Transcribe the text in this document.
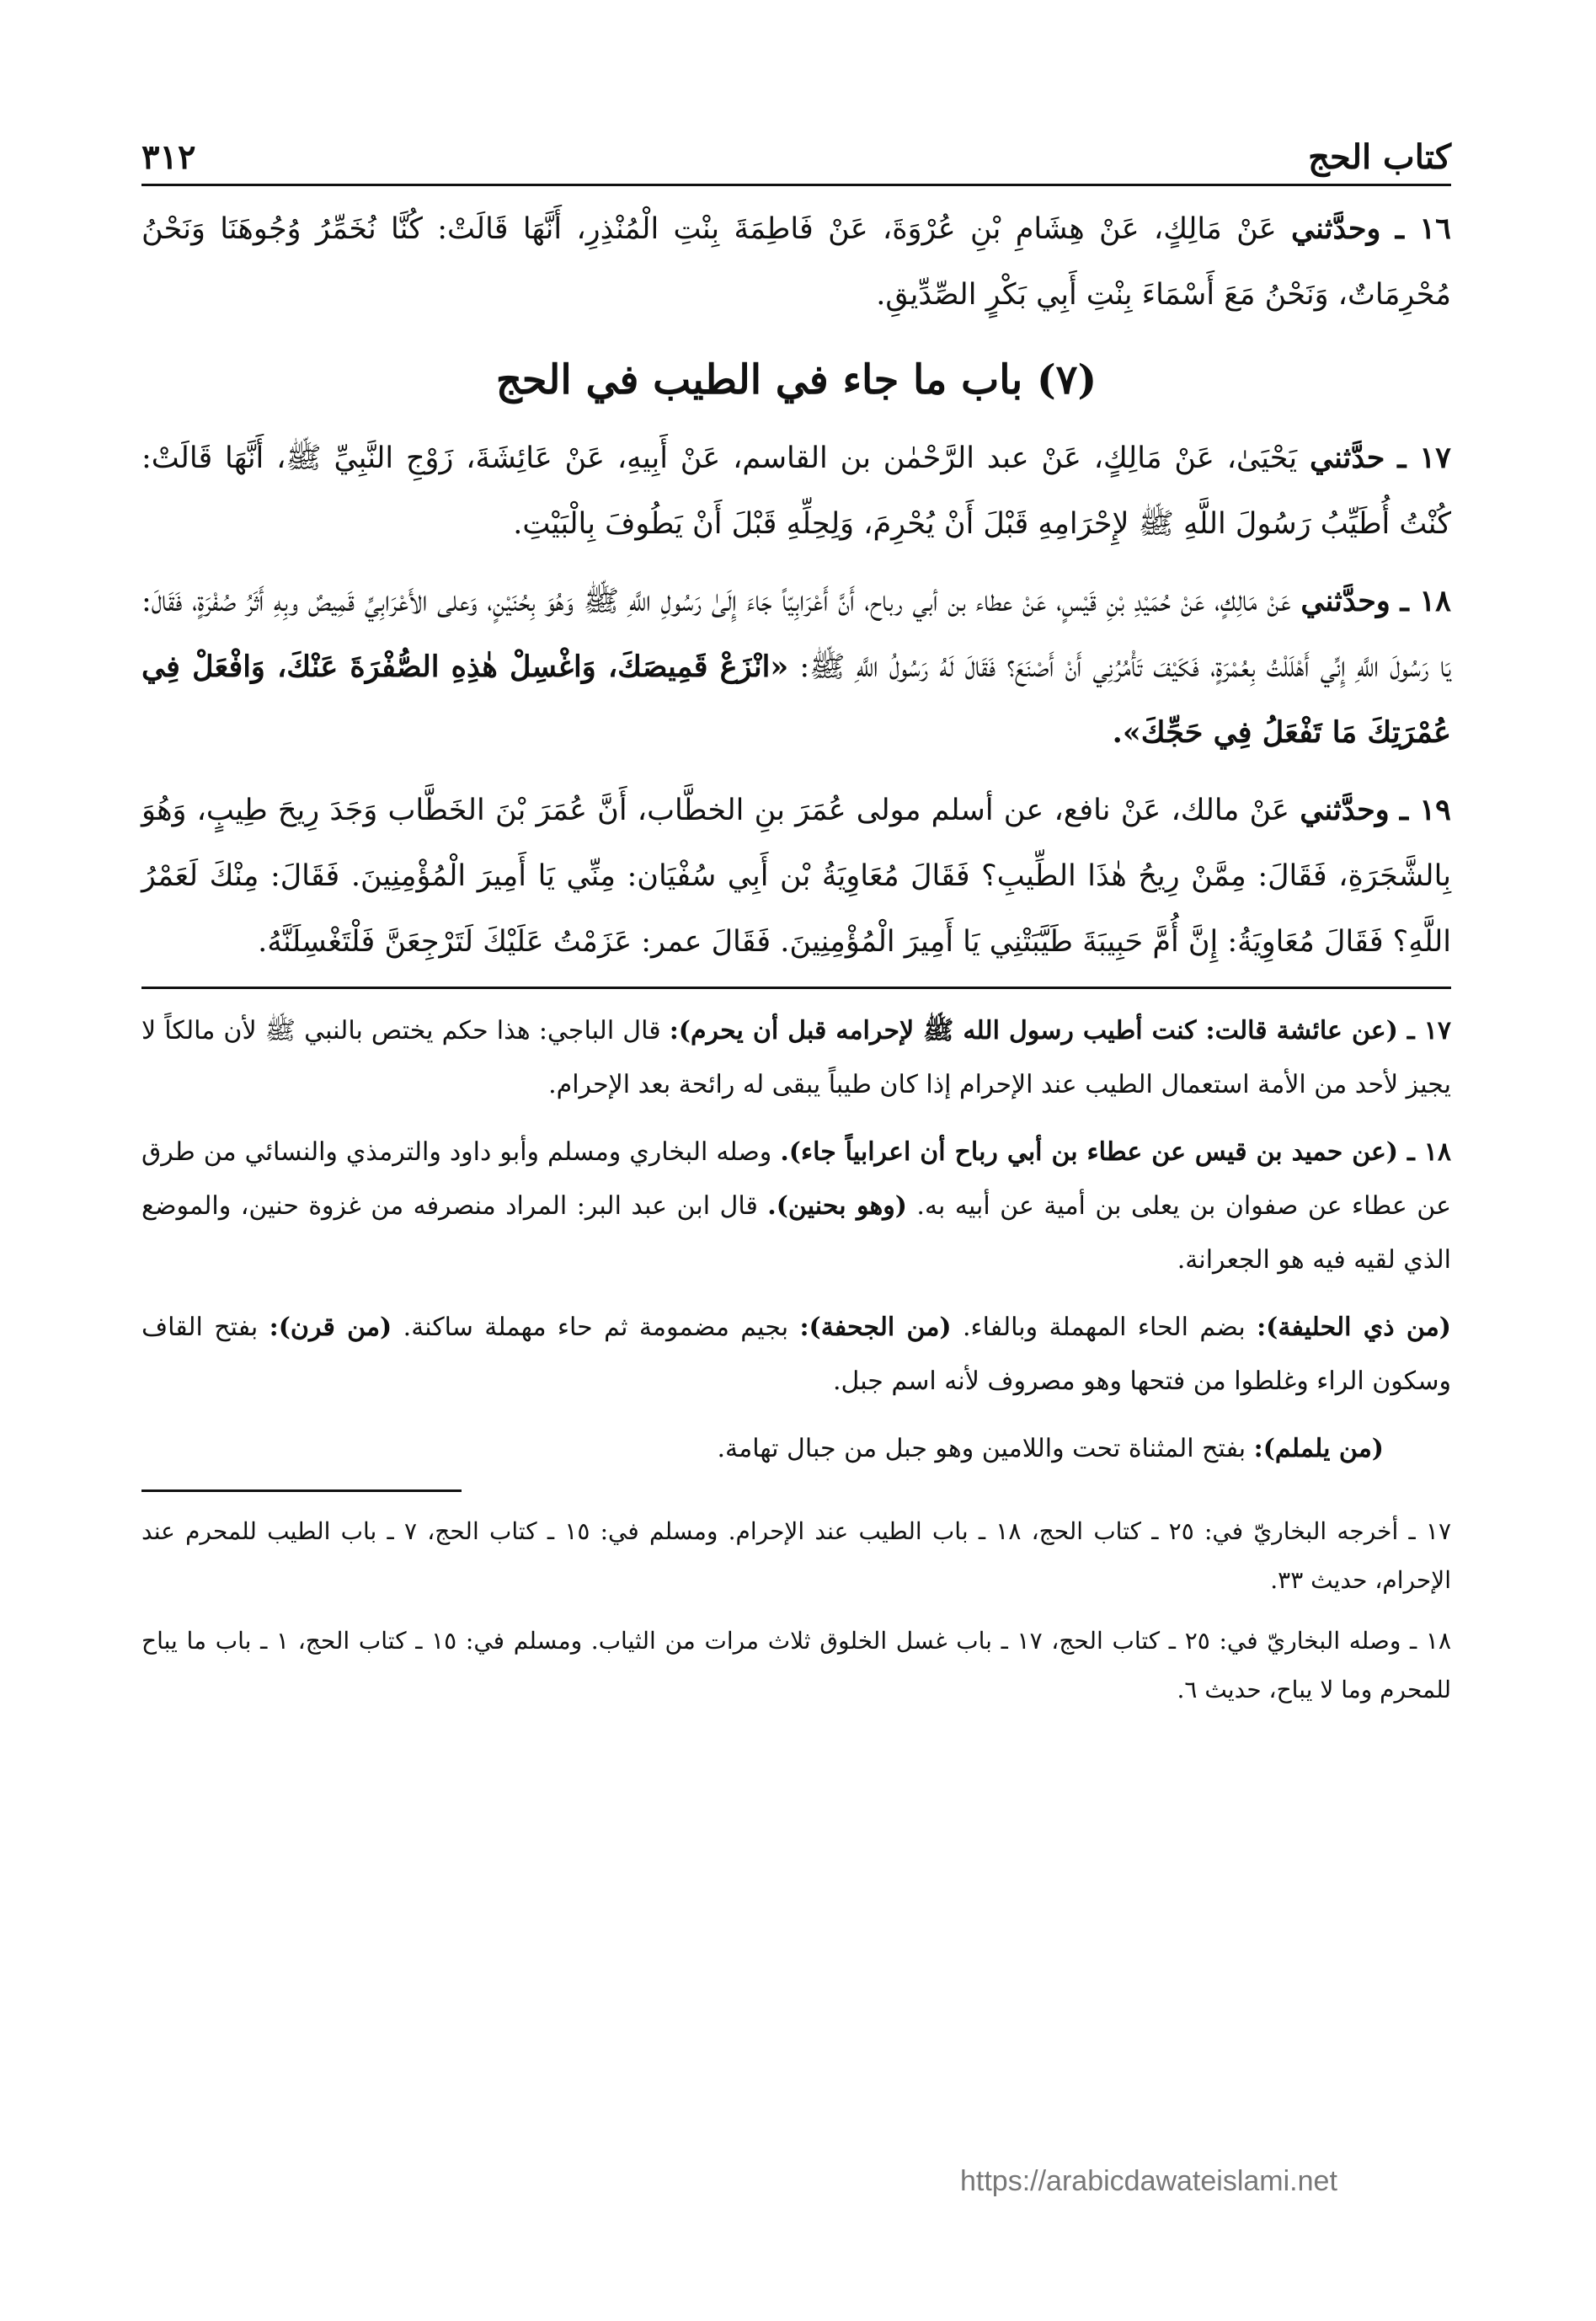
كتاب الحج
٣١٢

١٦ ـ وحدَّثني عَنْ مَالِكٍ، عَنْ هِشَامِ بْنِ عُرْوَةَ، عَنْ فَاطِمَةَ بِنْتِ الْمُنْذِرِ، أَنَّهَا قَالَتْ: كُنَّا نُخَمِّرُ وُجُوهَنَا وَنَحْنُ مُحْرِمَاتٌ، وَنَحْنُ مَعَ أَسْمَاءَ بِنْتِ أَبِي بَكْرٍ الصِّدِّيقِ.

(٧) باب ما جاء في الطيب في الحج

١٧ ـ حدَّثني يَحْيَىٰ، عَنْ مَالِكٍ، عَنْ عبد الرَّحْمٰن بن القاسم، عَنْ أَبِيهِ، عَنْ عَائِشَةَ، زَوْجِ النَّبِيِّ ﷺ، أَنَّهَا قَالَتْ: كُنْتُ أُطَيِّبُ رَسُولَ اللَّهِ ﷺ لإِحْرَامِهِ قَبْلَ أَنْ يُحْرِمَ، وَلِحِلِّهِ قَبْلَ أَنْ يَطُوفَ بِالْبَيْتِ.

١٨ ـ وحدَّثني عَنْ مَالِكٍ، عَنْ حُمَيْدِ بْنِ قَيْسٍ، عَنْ عطاء بن أبي رباح، أَنَّ أَعْرَابِيّاً جَاءَ إِلَىٰ رَسُولِ اللَّهِ ﷺ وَهُوَ بِحُنَيْنٍ، وَعلى الأَعْرَابِيِّ قَمِيصٌ وبِهِ أَثَرُ صُفْرَةٍ، فَقَالَ: يَا رَسُولَ اللَّهِ إِنِّي أَهْلَلْتُ بِعُمْرَةٍ، فَكَيْفَ تَأْمُرُنِي أَنْ أَصْنَعَ؟ فَقَالَ لَهُ رَسُولُ اللَّهِ ﷺ: «انْزَعْ قَمِيصَكَ، وَاغْسِلْ هٰذِهِ الصُّفْرَةَ عَنْكَ، وَافْعَلْ فِي عُمْرَتِكَ مَا تَفْعَلُ فِي حَجِّكَ».

١٩ ـ وحدَّثني عَنْ مالك، عَنْ نافع، عن أسلم مولى عُمَرَ بنِ الخطَّاب، أَنَّ عُمَرَ بْنَ الخَطَّاب وَجَدَ رِيحَ طِيبٍ، وَهُوَ بِالشَّجَرَةِ، فَقَالَ: مِمَّنْ رِيحُ هٰذَا الطِّيبِ؟ فَقَالَ مُعَاوِيَةُ بْن أَبِي سُفْيَان: مِنِّي يَا أَمِيرَ الْمُؤْمِنِينَ. فَقَالَ: مِنْكَ لَعَمْرُ اللَّهِ؟ فَقَالَ مُعَاوِيَةُ: إِنَّ أُمَّ حَبِيبَةَ طَيَّبَتْنِي يَا أَمِيرَ الْمُؤْمِنِينَ. فَقَالَ عمر: عَزَمْتُ عَلَيْكَ لَتَرْجِعَنَّ فَلْتَغْسِلَنَّهُ.

١٧ ـ (عن عائشة قالت: كنت أطيب رسول الله ﷺ لإحرامه قبل أن يحرم): قال الباجي: هذا حكم يختص بالنبي ﷺ لأن مالكاً لا يجيز لأحد من الأمة استعمال الطيب عند الإحرام إذا كان طيباً يبقى له رائحة بعد الإحرام.

١٨ ـ (عن حميد بن قيس عن عطاء بن أبي رباح أن اعرابياً جاء). وصله البخاري ومسلم وأبو داود والترمذي والنسائي من طرق عن عطاء عن صفوان بن يعلى بن أمية عن أبيه به. (وهو بحنين). قال ابن عبد البر: المراد منصرفه من غزوة حنين، والموضع الذي لقيه فيه هو الجعرانة.

(من ذي الحليفة): بضم الحاء المهملة وبالفاء. (من الجحفة): بجيم مضمومة ثم حاء مهملة ساكنة. (من قرن): بفتح القاف وسكون الراء وغلطوا من فتحها وهو مصروف لأنه اسم جبل.

(من يلملم): بفتح المثناة تحت واللامين وهو جبل من جبال تهامة.

١٧ ـ أخرجه البخاريّ في: ٢٥ ـ كتاب الحج، ١٨ ـ باب الطيب عند الإحرام. ومسلم في: ١٥ ـ كتاب الحج، ٧ ـ باب الطيب للمحرم عند الإحرام، حديث ٣٣.

١٨ ـ وصله البخاريّ في: ٢٥ ـ كتاب الحج، ١٧ ـ باب غسل الخلوق ثلاث مرات من الثياب. ومسلم في: ١٥ ـ كتاب الحج، ١ ـ باب ما يباح للمحرم وما لا يباح، حديث ٦.

https://arabicdawateislami.net
